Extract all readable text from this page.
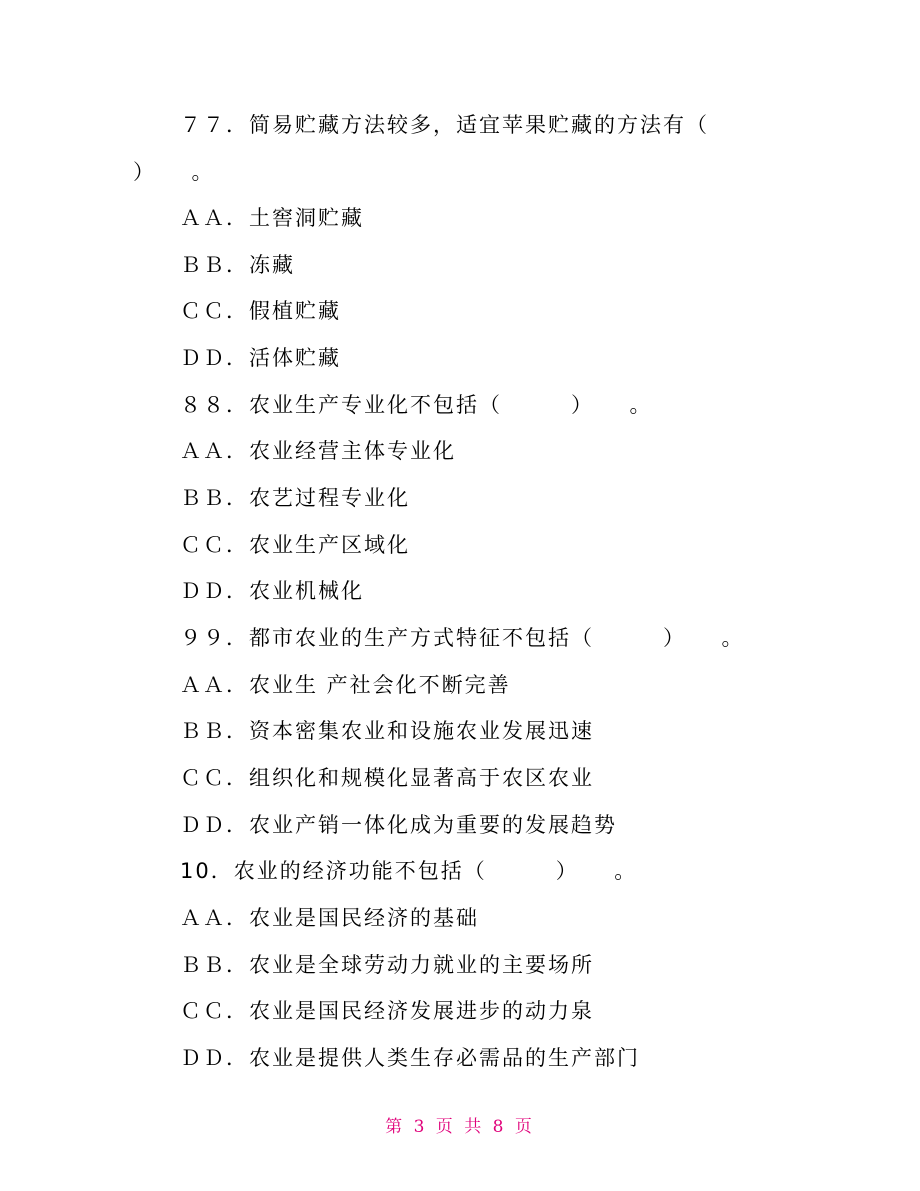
７７．简易贮藏方法较多，适宜苹果贮藏的方法有（
）　　。
ＡＡ．土窖洞贮藏
ＢＢ．冻藏
ＣＣ．假植贮藏
ＤＤ．活体贮藏
８８．农业生产专业化不包括（　　　）　　。
ＡＡ．农业经营主体专业化
ＢＢ．农艺过程专业化
ＣＣ．农业生产区域化
ＤＤ．农业机械化
９９．都市农业的生产方式特征不包括（　　　）　　。
ＡＡ．农业生 产社会化不断完善
ＢＢ．资本密集农业和设施农业发展迅速
ＣＣ．组织化和规模化显著高于农区农业
ＤＤ．农业产销一体化成为重要的发展趋势
10．农业的经济功能不包括（　　　）　　。
ＡＡ．农业是国民经济的基础
ＢＢ．农业是全球劳动力就业的主要场所
ＣＣ．农业是国民经济发展进步的动力泉
ＤＤ．农业是提供人类生存必需品的生产部门
第 3 页 共 8 页
